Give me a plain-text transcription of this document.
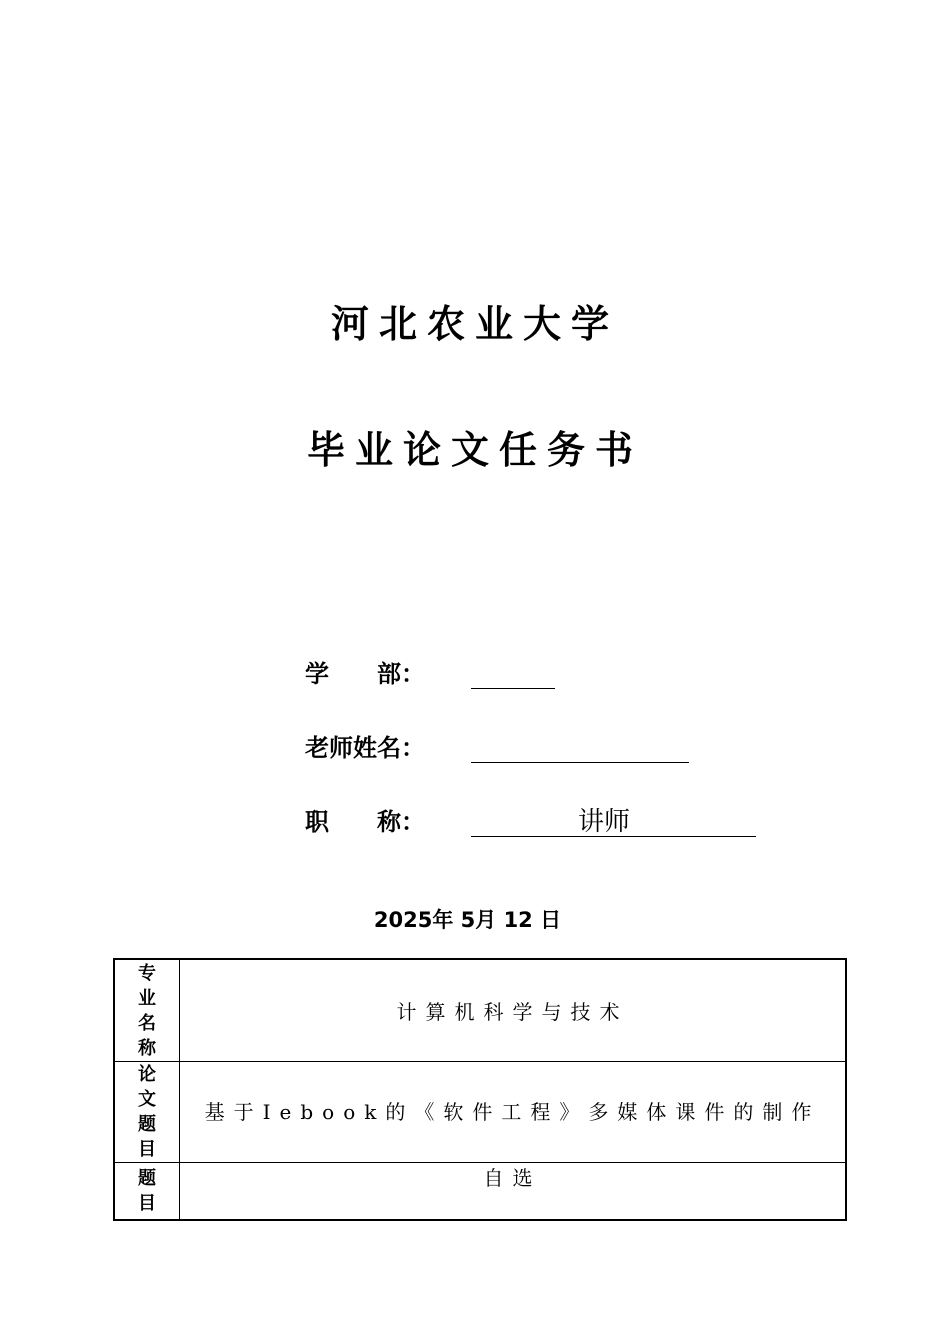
河北农业大学
毕业论文任务书
学　　部：
老师姓名：
职　　称：	讲师
2025年 5月 12 日
专业名称	计算机科学与技术
论文题目	基于Iebook的《软件工程》多媒体课件的制作
题目	自选
